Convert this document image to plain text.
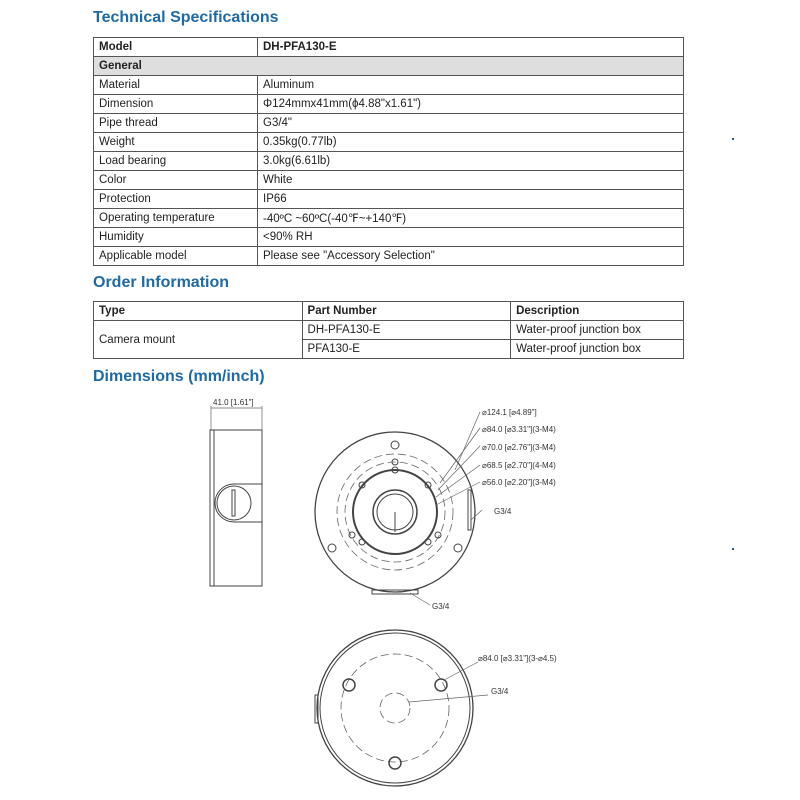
Technical Specifications
Model	DH-PFA130-E
General	
Material	Aluminum
Dimension	Φ124mmx41mm(ϕ4.88"x1.61")
Pipe thread	G3/4"
Weight	0.35kg(0.77lb)
Load bearing	3.0kg(6.61lb)
Color	White
Protection	IP66
Operating temperature	-40ºC ~60ºC(-40℉~+140℉)
Humidity	<90% RH
Applicable model	Please see "Accessory Selection"
Order Information
Type	Part Number	Description
Camera mount	DH-PFA130-E	Water-proof junction box
	PFA130-E	Water-proof junction box
Dimensions (mm/inch)
41.0 [1.61"]
⌀124.1 [⌀4.89"]
⌀84.0 [⌀3.31"](3-M4)
⌀70.0 [⌀2.76"](3-M4)
⌀68.5 [⌀2.70"](4-M4)
⌀56.0 [⌀2.20"](3-M4)
G3/4
G3/4
⌀84.0 [⌀3.31"](3-⌀4.5)
G3/4
